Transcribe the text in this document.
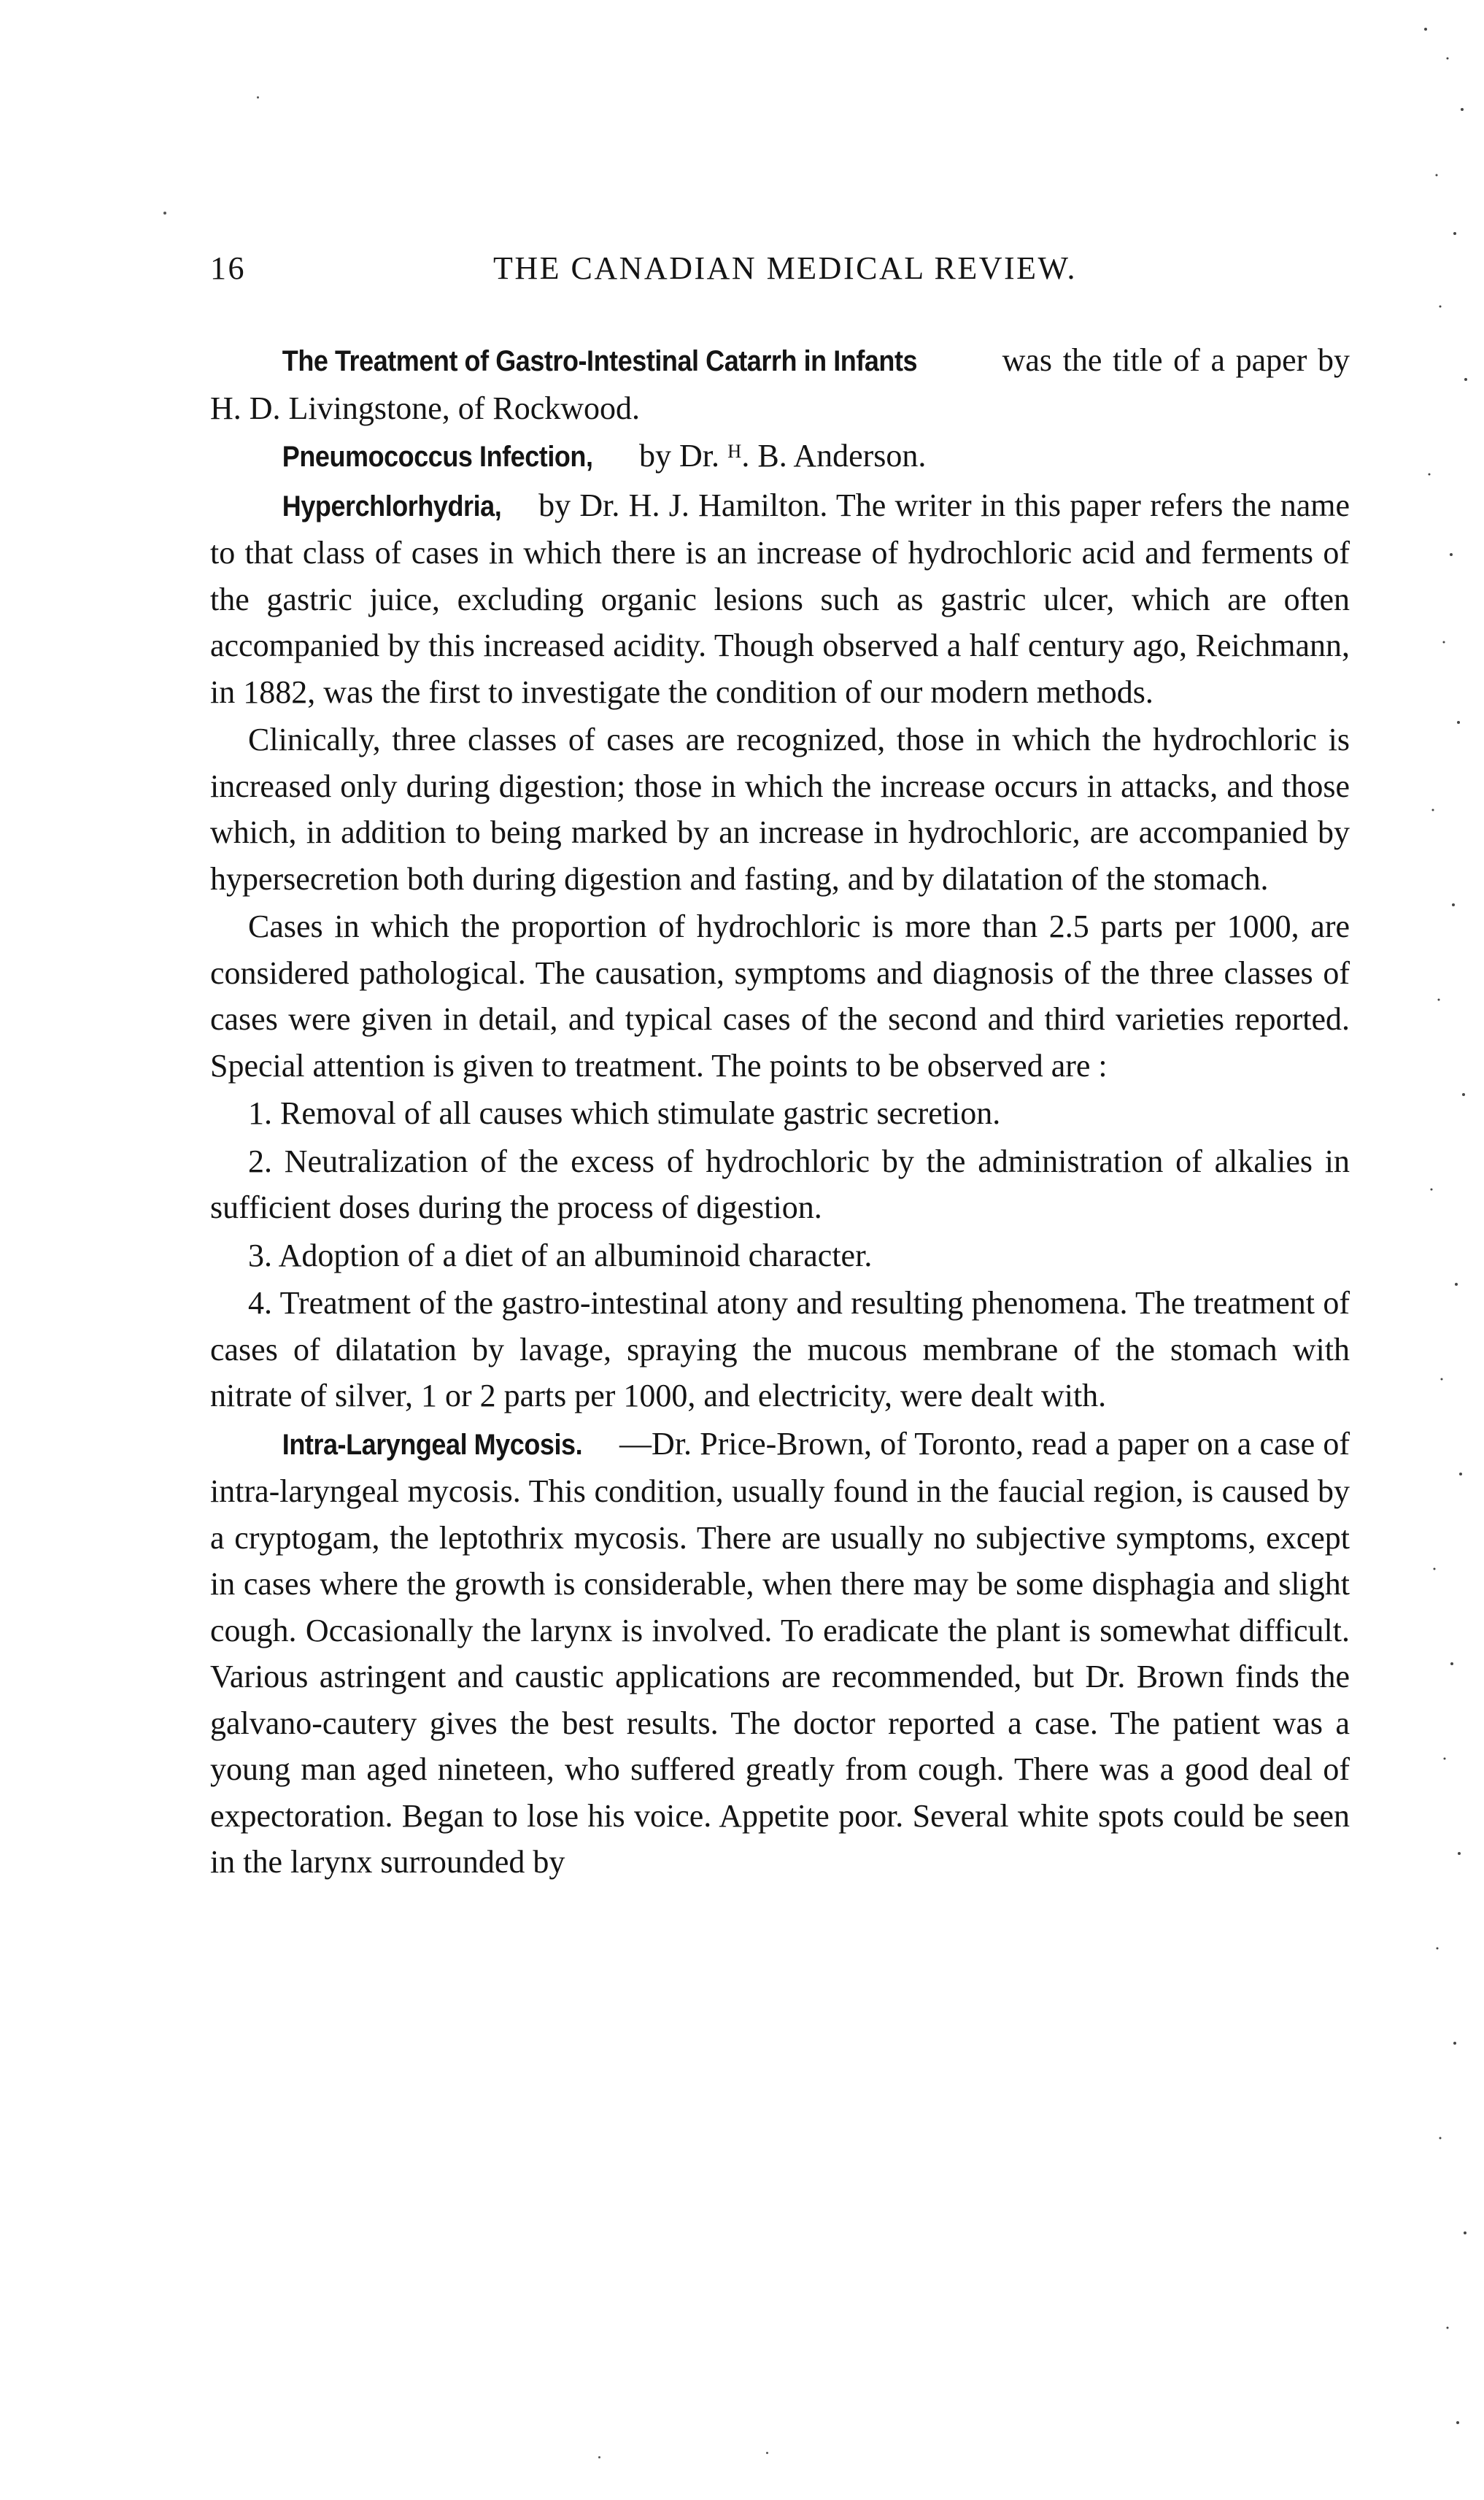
16	THE CANADIAN MEDICAL REVIEW.

The Treatment of Gastro-Intestinal Catarrh in Infants was the title of a paper by H. D. Livingstone, of Rockwood.

Pneumococcus Infection, by Dr. ᴴ. B. Anderson.

Hyperchlorhydria, by Dr. H. J. Hamilton. The writer in this paper refers the name to that class of cases in which there is an increase of hydrochloric acid and ferments of the gastric juice, excluding organic lesions such as gastric ulcer, which are often accompanied by this increased acidity. Though observed a half century ago, Reichmann, in 1882, was the first to investigate the condition of our modern methods.

Clinically, three classes of cases are recognized, those in which the hydrochloric is increased only during digestion; those in which the increase occurs in attacks, and those which, in addition to being marked by an increase in hydrochloric, are accompanied by hypersecretion both during digestion and fasting, and by dilatation of the stomach.

Cases in which the proportion of hydrochloric is more than 2.5 parts per 1000, are considered pathological. The causation, symptoms and diagnosis of the three classes of cases were given in detail, and typical cases of the second and third varieties reported. Special attention is given to treatment. The points to be observed are :

1. Removal of all causes which stimulate gastric secretion.

2. Neutralization of the excess of hydrochloric by the administration of alkalies in sufficient doses during the process of digestion.

3. Adoption of a diet of an albuminoid character.

4. Treatment of the gastro-intestinal atony and resulting phenomena. The treatment of cases of dilatation by lavage, spraying the mucous membrane of the stomach with nitrate of silver, 1 or 2 parts per 1000, and electricity, were dealt with.

Intra-Laryngeal Mycosis. —Dr. Price-Brown, of Toronto, read a paper on a case of intra-laryngeal mycosis. This condition, usually found in the faucial region, is caused by a cryptogam, the leptothrix mycosis. There are usually no subjective symptoms, except in cases where the growth is considerable, when there may be some disphagia and slight cough. Occasionally the larynx is involved. To eradicate the plant is somewhat difficult. Various astringent and caustic applications are recommended, but Dr. Brown finds the galvano-cautery gives the best results. The doctor reported a case. The patient was a young man aged nineteen, who suffered greatly from cough. There was a good deal of expectoration. Began to lose his voice. Appetite poor. Several white spots could be seen in the larynx surrounded by
